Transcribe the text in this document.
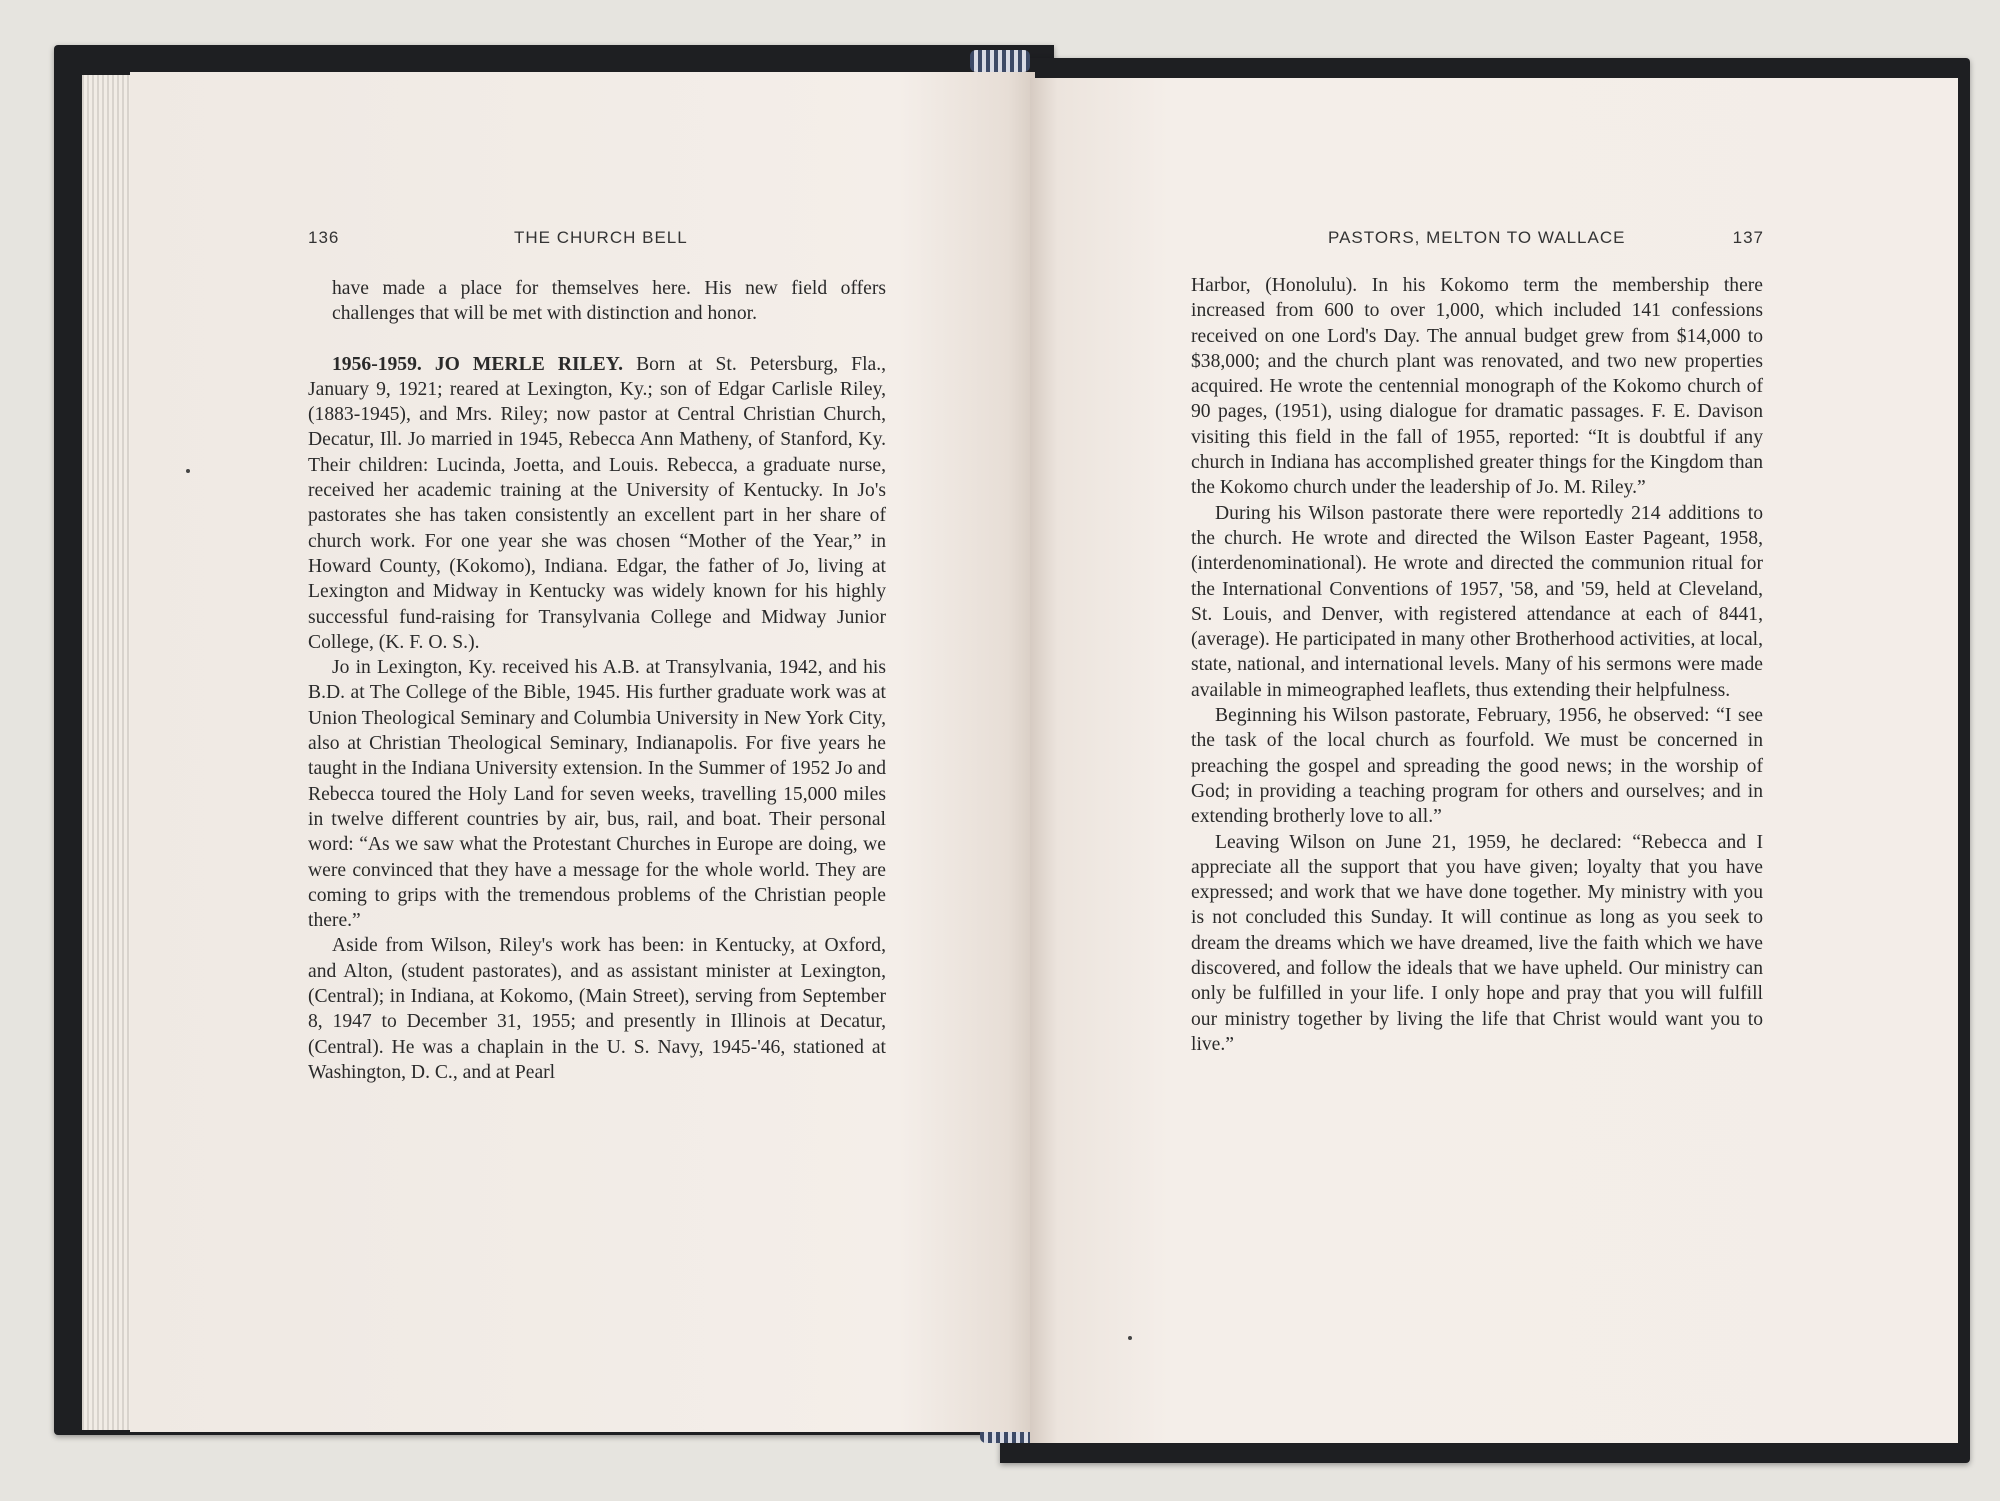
136	THE CHURCH BELL	PASTORS, MELTON TO WALLACE	137

have made a place for themselves here. His new field offers challenges that will be met with distinction and honor.

1956-1959. JO MERLE RILEY. Born at St. Petersburg, Fla., January 9, 1921; reared at Lexington, Ky.; son of Edgar Carlisle Riley, (1883-1945), and Mrs. Riley; now pastor at Central Christian Church, Decatur, Ill. Jo married in 1945, Rebecca Ann Matheny, of Stanford, Ky. Their children: Lucinda, Joetta, and Louis. Rebecca, a graduate nurse, received her academic training at the University of Kentucky. In Jo's pastorates she has taken consistently an excellent part in her share of church work. For one year she was chosen “Mother of the Year,” in Howard County, (Kokomo), Indiana. Edgar, the father of Jo, living at Lexington and Midway in Kentucky was widely known for his highly successful fund-raising for Transylvania College and Midway Junior College, (K. F. O. S.).

Jo in Lexington, Ky. received his A.B. at Transylvania, 1942, and his B.D. at The College of the Bible, 1945. His further graduate work was at Union Theological Seminary and Columbia University in New York City, also at Christian Theological Seminary, Indianapolis. For five years he taught in the Indiana University extension. In the Summer of 1952 Jo and Rebecca toured the Holy Land for seven weeks, travelling 15,000 miles in twelve different countries by air, bus, rail, and boat. Their personal word: “As we saw what the Protestant Churches in Europe are doing, we were convinced that they have a message for the whole world. They are coming to grips with the tremendous problems of the Christian people there.”

Aside from Wilson, Riley's work has been: in Kentucky, at Oxford, and Alton, (student pastorates), and as assistant minister at Lexington, (Central); in Indiana, at Kokomo, (Main Street), serving from September 8, 1947 to December 31, 1955; and presently in Illinois at Decatur, (Central). He was a chaplain in the U. S. Navy, 1945-'46, stationed at Washington, D. C., and at Pearl

Harbor, (Honolulu). In his Kokomo term the membership there increased from 600 to over 1,000, which included 141 confessions received on one Lord's Day. The annual budget grew from $14,000 to $38,000; and the church plant was renovated, and two new properties acquired. He wrote the centennial monograph of the Kokomo church of 90 pages, (1951), using dialogue for dramatic passages. F. E. Davison visiting this field in the fall of 1955, reported: “It is doubtful if any church in Indiana has accomplished greater things for the Kingdom than the Kokomo church under the leadership of Jo. M. Riley.”

During his Wilson pastorate there were reportedly 214 additions to the church. He wrote and directed the Wilson Easter Pageant, 1958, (interdenominational). He wrote and directed the communion ritual for the International Conventions of 1957, '58, and '59, held at Cleveland, St. Louis, and Denver, with registered attendance at each of 8441, (average). He participated in many other Brotherhood activities, at local, state, national, and international levels. Many of his sermons were made available in mimeographed leaflets, thus extending their helpfulness.

Beginning his Wilson pastorate, February, 1956, he observed: “I see the task of the local church as fourfold. We must be concerned in preaching the gospel and spreading the good news; in the worship of God; in providing a teaching program for others and ourselves; and in extending brotherly love to all.”

Leaving Wilson on June 21, 1959, he declared: “Rebecca and I appreciate all the support that you have given; loyalty that you have expressed; and work that we have done together. My ministry with you is not concluded this Sunday. It will continue as long as you seek to dream the dreams which we have dreamed, live the faith which we have discovered, and follow the ideals that we have upheld. Our ministry can only be fulfilled in your life. I only hope and pray that you will fulfill our ministry together by living the life that Christ would want you to live.”
